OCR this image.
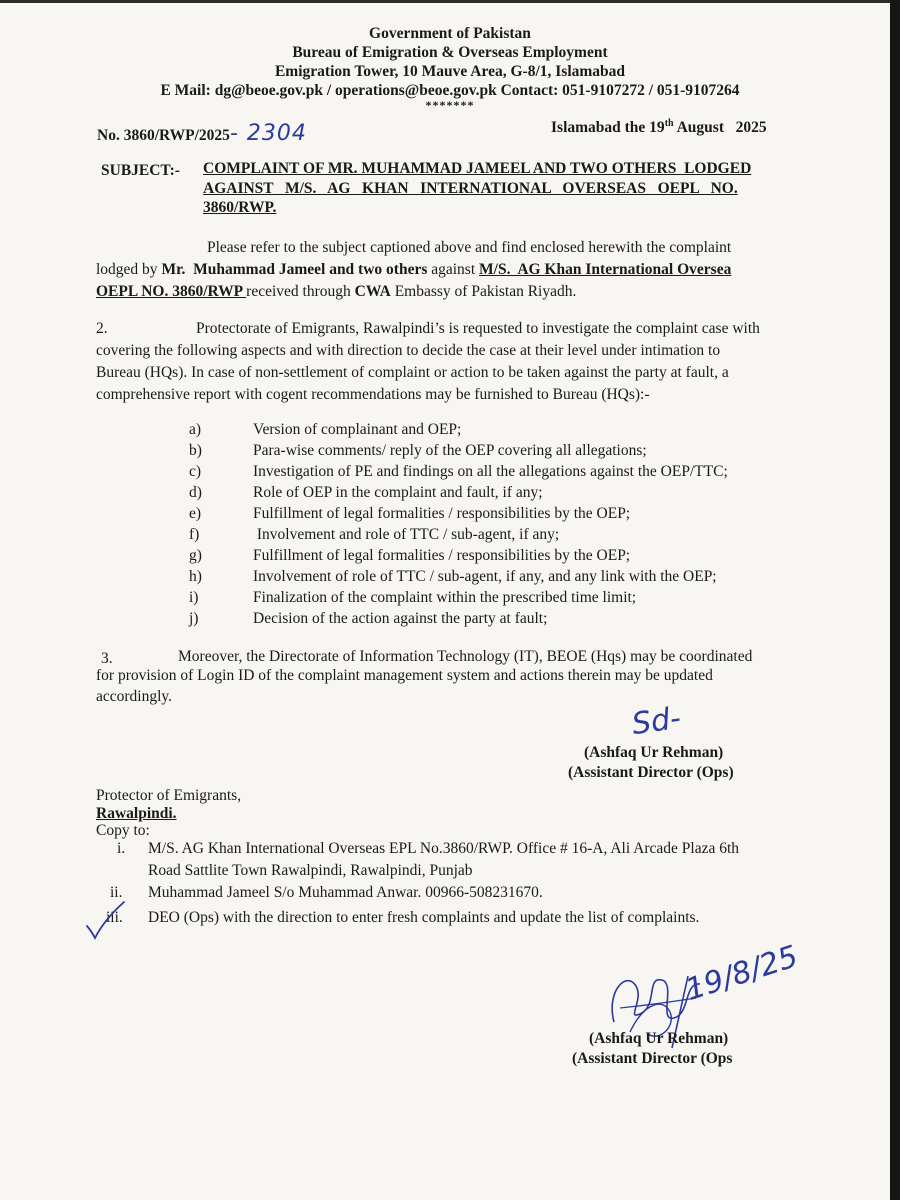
Government of Pakistan
Bureau of Emigration & Overseas Employment
Emigration Tower, 10 Mauve Area, G-8/1, Islamabad
E Mail: dg@beoe.gov.pk / operations@beoe.gov.pk Contact: 051-9107272 / 051-9107264
*******
No. 3860/RWP/2025- 2304	Islamabad the 19th August   2025
SUBJECT:- COMPLAINT OF MR. MUHAMMAD JAMEEL AND TWO OTHERS  LODGED
AGAINST   M/S.   AG   KHAN   INTERNATIONAL   OVERSEAS   OEPL   NO.
3860/RWP.
Please refer to the subject captioned above and find enclosed herewith the complaint
lodged by Mr.  Muhammad Jameel and two others against M/S.  AG Khan International Oversea
OEPL NO. 3860/RWP received through CWA Embassy of Pakistan Riyadh.
2.	Protectorate of Emigrants, Rawalpindi’s is requested to investigate the complaint case with
covering the following aspects and with direction to decide the case at their level under intimation to
Bureau (HQs). In case of non-settlement of complaint or action to be taken against the party at fault, a
comprehensive report with cogent recommendations may be furnished to Bureau (HQs):-
a)	Version of complainant and OEP;
b)	Para-wise comments/ reply of the OEP covering all allegations;
c)	Investigation of PE and findings on all the allegations against the OEP/TTC;
d)	Role of OEP in the complaint and fault, if any;
e)	Fulfillment of legal formalities / responsibilities by the OEP;
f)	Involvement and role of TTC / sub-agent, if any;
g)	Fulfillment of legal formalities / responsibilities by the OEP;
h)	Involvement of role of TTC / sub-agent, if any, and any link with the OEP;
i)	Finalization of the complaint within the prescribed time limit;
j)	Decision of the action against the party at fault;
3.	Moreover, the Directorate of Information Technology (IT), BEOE (Hqs) may be coordinated
for provision of Login ID of the complaint management system and actions therein may be updated
accordingly.
Sd-
(Ashfaq Ur Rehman)
(Assistant Director (Ops)
Protector of Emigrants,
Rawalpindi.
Copy to:
i. M/S. AG Khan International Overseas EPL No.3860/RWP. Office # 16-A, Ali Arcade Plaza 6th
Road Sattlite Town Rawalpindi, Rawalpindi, Punjab
ii. Muhammad Jameel S/o Muhammad Anwar. 00966-508231670.
iii. DEO (Ops) with the direction to enter fresh complaints and update the list of complaints.
19/8/25
(Ashfaq Ur Rehman)
(Assistant Director (Ops
